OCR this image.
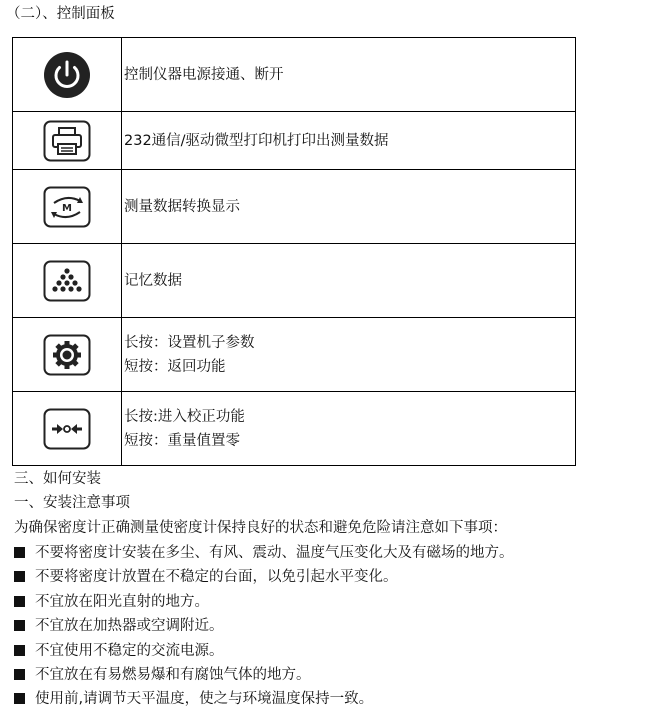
（二）、控制面板

控制仪器电源接通、断开

232通信/驱动微型打印机打印出测量数据

M	测量数据转换显示

记忆数据

长按：设置机子参数
短按：返回功能

长按:进入校正功能
短按：重量值置零
三、如何安装
一、安装注意事项
为确保密度计正确测量使密度计保持良好的状态和避免危险请注意如下事项：
不要将密度计安装在多尘、有风、震动、温度气压变化大及有磁场的地方。
不要将密度计放置在不稳定的台面，以免引起水平变化。
不宜放在阳光直射的地方。
不宜放在加热器或空调附近。
不宜使用不稳定的交流电源。
不宜放在有易燃易爆和有腐蚀气体的地方。
使用前,请调节天平温度，使之与环境温度保持一致。
